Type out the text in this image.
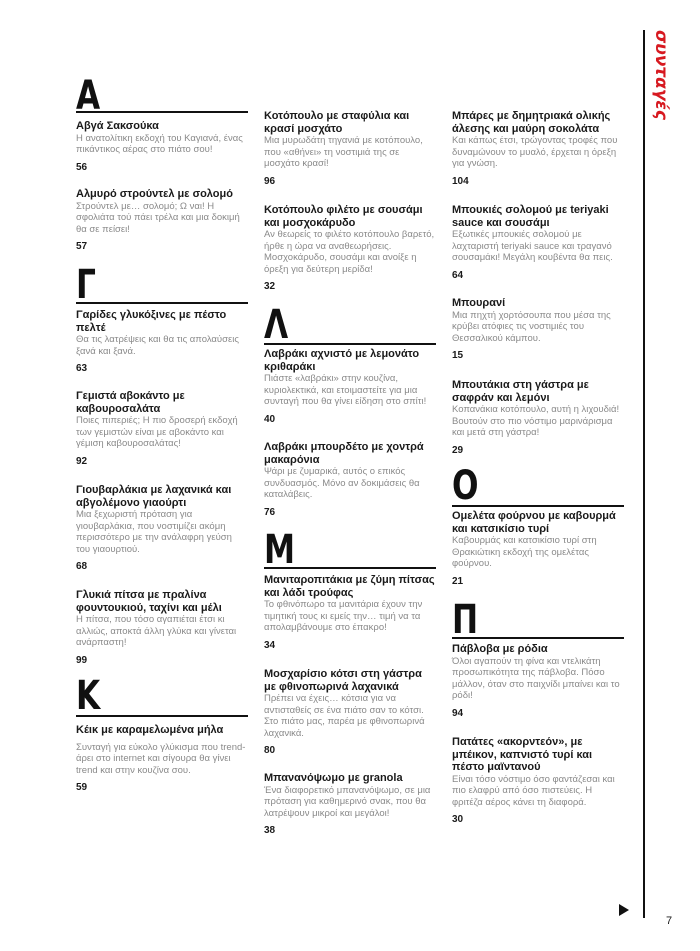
Α
Αβγά Σακσούκα
Η ανατολίτικη εκδοχή του Καγιανά, ένας πικάντικος αέρας στο πιάτο σου!
56
Αλμυρό στρούντελ με σολομό
Στρούντελ με… σολομό; Ω ναι! Η σφολιάτα τού πάει τρέλα και μια δοκιμή θα σε πείσει!
57
Γ
Γαρίδες γλυκόξινες με πέστο πελτέ
Θα τις λατρέψεις και θα τις απολαύσεις ξανά και ξανά.
63
Γεμιστά αβοκάντο με καβουροσαλάτα
Ποιες πιπεριές; Η πιο δροσερή εκδοχή των γεμιστών είναι με αβοκάντο και γέμιση καβουροσαλάτας!
92
Γιουβαρλάκια με λαχανικά και αβγολέμονο γιαούρτι
Μια ξεχωριστή πρόταση για γιουβαρλάκια, που νοστιμίζει ακόμη περισσότερο με την ανάλαφρη γεύση του γιαουρτιού.
68
Γλυκιά πίτσα με πραλίνα φουντουκιού, ταχίνι και μέλι
Η πίτσα, που τόσο αγαπιέται έτσι κι αλλιώς, αποκτά άλλη γλύκα και γίνεται ανάρπαστη!
99
Κ
Κέικ με καραμελωμένα μήλα
Συνταγή για εύκολο γλύκισμα που trend-άρει στο internet και σίγουρα θα γίνει trend και στην κουζίνα σου.
59
Κοτόπουλο με σταφύλια και κρασί μοσχάτο
Μια μυρωδάτη τηγανιά με κοτόπουλο, που «αθήνει» τη νοστιμιά της σε μοσχάτο κρασί!
96
Κοτόπουλο φιλέτο με σουσάμι και μοσχοκάρυδο
Αν θεωρείς το φιλέτο κοτόπουλο βαρετό, ήρθε η ώρα να αναθεωρήσεις. Μοσχοκάρυδο, σουσάμι και ανοίξε η όρεξη για δεύτερη μερίδα!
32
Λ
Λαβράκι αχνιστό με λεμονάτο κριθαράκι
Πιάστε «λαβράκι» στην κουζίνα, κυριολεκτικά, και ετοιμαστείτε για μια συνταγή που θα γίνει είδηση στο σπίτι!
40
Λαβράκι μπουρδέτο με χοντρά μακαρόνια
Ψάρι με ζυμαρικά, αυτός ο επικός συνδυασμός. Μόνο αν δοκιμάσεις θα καταλάβεις.
76
Μ
Μανιταροπιτάκια με ζύμη πίτσας και λάδι τρούφας
Το φθινόπωρο τα μανιτάρια έχουν την τιμητική τους κι εμείς την… τιμή να τα απολαμβάνουμε στο έπακρο!
34
Μοσχαρίσιο κότσι στη γάστρα με φθινοπωρινά λαχανικά
Πρέπει να έχεις… κότσια για να αντισταθείς σε ένα πιάτο σαν το κότσι. Στο πιάτο μας, παρέα με φθινοπωρινά λαχανικά.
80
Μπανανόψωμο με granola
Ένα διαφορετικό μπανανόψωμο, σε μια πρόταση για καθημερινό σνακ, που θα λατρέψουν μικροί και μεγάλοι!
38
Μπάρες με δημητριακά ολικής άλεσης και μαύρη σοκολάτα
Και κάπως έτσι, τρώγοντας τροφές που δυναμώνουν το μυαλό, έρχεται η όρεξη για γνώση.
104
Μπουκιές σολομού με teriyaki sauce και σουσάμι
Εξωτικές μπουκιές σολομού με λαχταριστή teriyaki sauce και τραγανό σουσαμάκι! Μεγάλη κουβέντα θα πεις.
64
Μπουρανί
Μια πηχτή χορτόσουπα που μέσα της κρύβει ατόφιες τις νοστιμιές του Θεσσαλικού κάμπου.
15
Μπουτάκια στη γάστρα με σαφράν και λεμόνι
Κοπανάκια κοτόπουλο, αυτή η λιχουδιά! Βουτούν στο πιο νόστιμο μαρινάρισμα και μετά στη γάστρα!
29
Ο
Ομελέτα φούρνου με καβουρμά και κατσικίσιο τυρί
Καβουρμάς και κατσικίσιο τυρί στη Θρακιώτικη εκδοχή της ομελέτας φούρνου.
21
Π
Πάβλοβα με ρόδια
Όλοι αγαπούν τη φίνα και ντελικάτη προσωπικότητα της πάβλοβα. Πόσο μάλλον, όταν στο παιχνίδι μπαίνει και το ρόδι!
94
Πατάτες «ακορντεόν», με μπέικον, καπνιστό τυρί και πέστο μαϊντανού
Είναι τόσο νόστιμο όσο φαντάζεσαι και πιο ελαφρύ από όσο πιστεύεις. Η φριτέζα αέρος κάνει τη διαφορά.
30
συνταγές
7
